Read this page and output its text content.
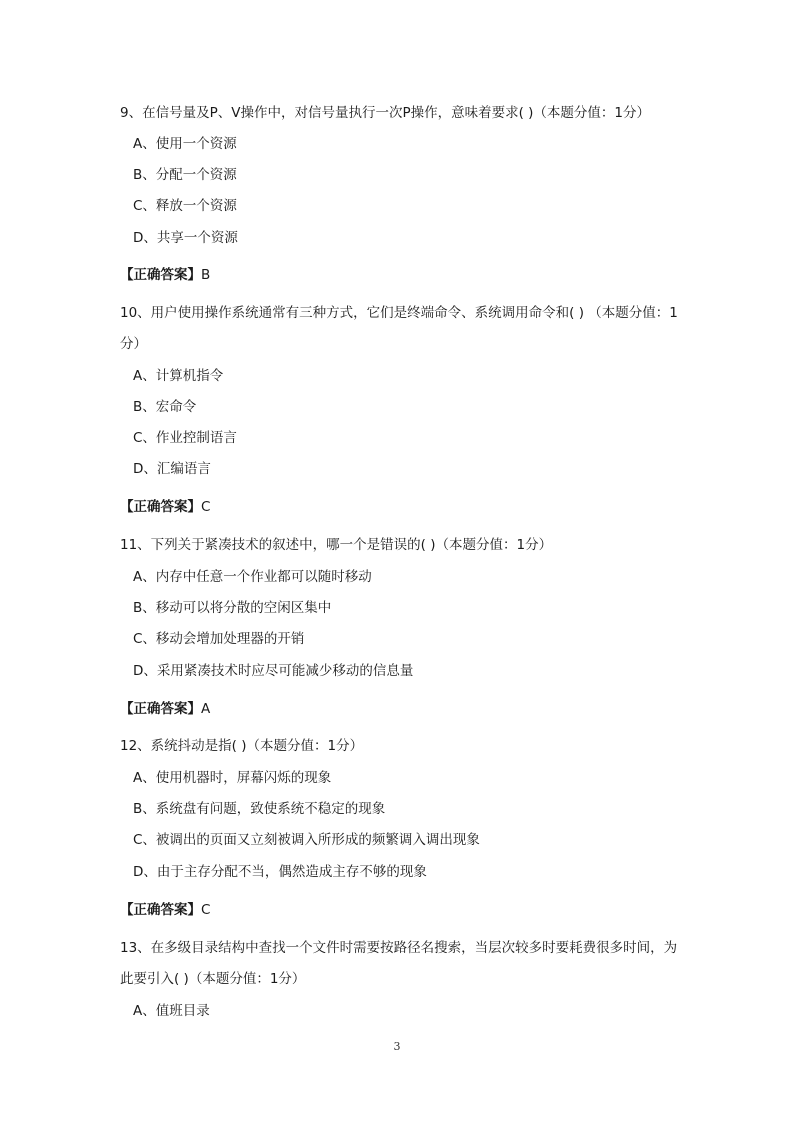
9、在信号量及P、V操作中，对信号量执行一次P操作，意味着要求( )（本题分值：1分）

A、使用一个资源

B、分配一个资源

C、释放一个资源

D、共享一个资源

【正确答案】B

10、用户使用操作系统通常有三种方式，它们是终端命令、系统调用命令和( ) （本题分值：1分）

A、计算机指令

B、宏命令

C、作业控制语言

D、汇编语言

【正确答案】C

11、下列关于紧凑技术的叙述中，哪一个是错误的( )（本题分值：1分）

A、内存中任意一个作业都可以随时移动

B、移动可以将分散的空闲区集中

C、移动会增加处理器的开销

D、采用紧凑技术时应尽可能减少移动的信息量

【正确答案】A

12、系统抖动是指( )（本题分值：1分）

A、使用机器时，屏幕闪烁的现象

B、系统盘有问题，致使系统不稳定的现象

C、被调出的页面又立刻被调入所形成的频繁调入调出现象

D、由于主存分配不当，偶然造成主存不够的现象

【正确答案】C

13、在多级目录结构中查找一个文件时需要按路径名搜索，当层次较多时要耗费很多时间，为此要引入( )（本题分值：1分）

A、值班目录

3
